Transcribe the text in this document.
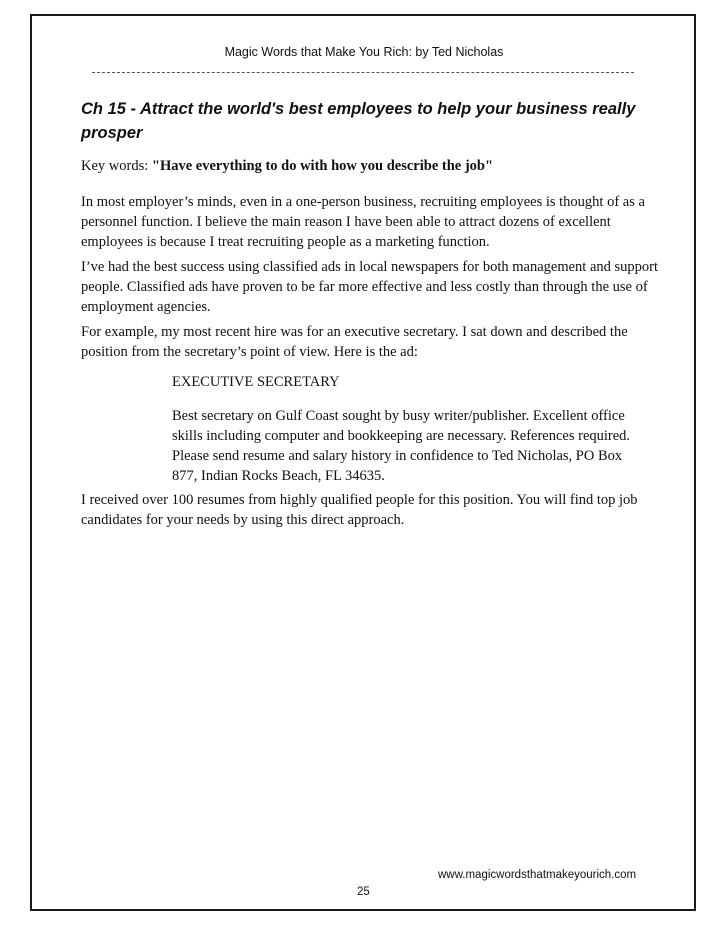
Magic Words that Make You Rich: by Ted Nicholas
Ch 15 - Attract the world's best employees to help your business really prosper

Key words: "Have everything to do with how you describe the job"

In most employer’s minds, even in a one-person business, recruiting employees is thought of as a personnel function. I believe the main reason I have been able to attract dozens of excellent employees is because I treat recruiting people as a marketing function.

I’ve had the best success using classified ads in local newspapers for both management and support people. Classified ads have proven to be far more effective and less costly than through the use of employment agencies.

For example, my most recent hire was for an executive secretary. I sat down and described the position from the secretary’s point of view. Here is the ad:

EXECUTIVE SECRETARY

Best secretary on Gulf Coast sought by busy writer/publisher. Excellent office skills including computer and bookkeeping are necessary. References required. Please send resume and salary history in confidence to Ted Nicholas, PO Box 877, Indian Rocks Beach, FL 34635.

I received over 100 resumes from highly qualified people for this position. You will find top job candidates for your needs by using this direct approach.

www.magicwordsthatmakeyourich.com
25
